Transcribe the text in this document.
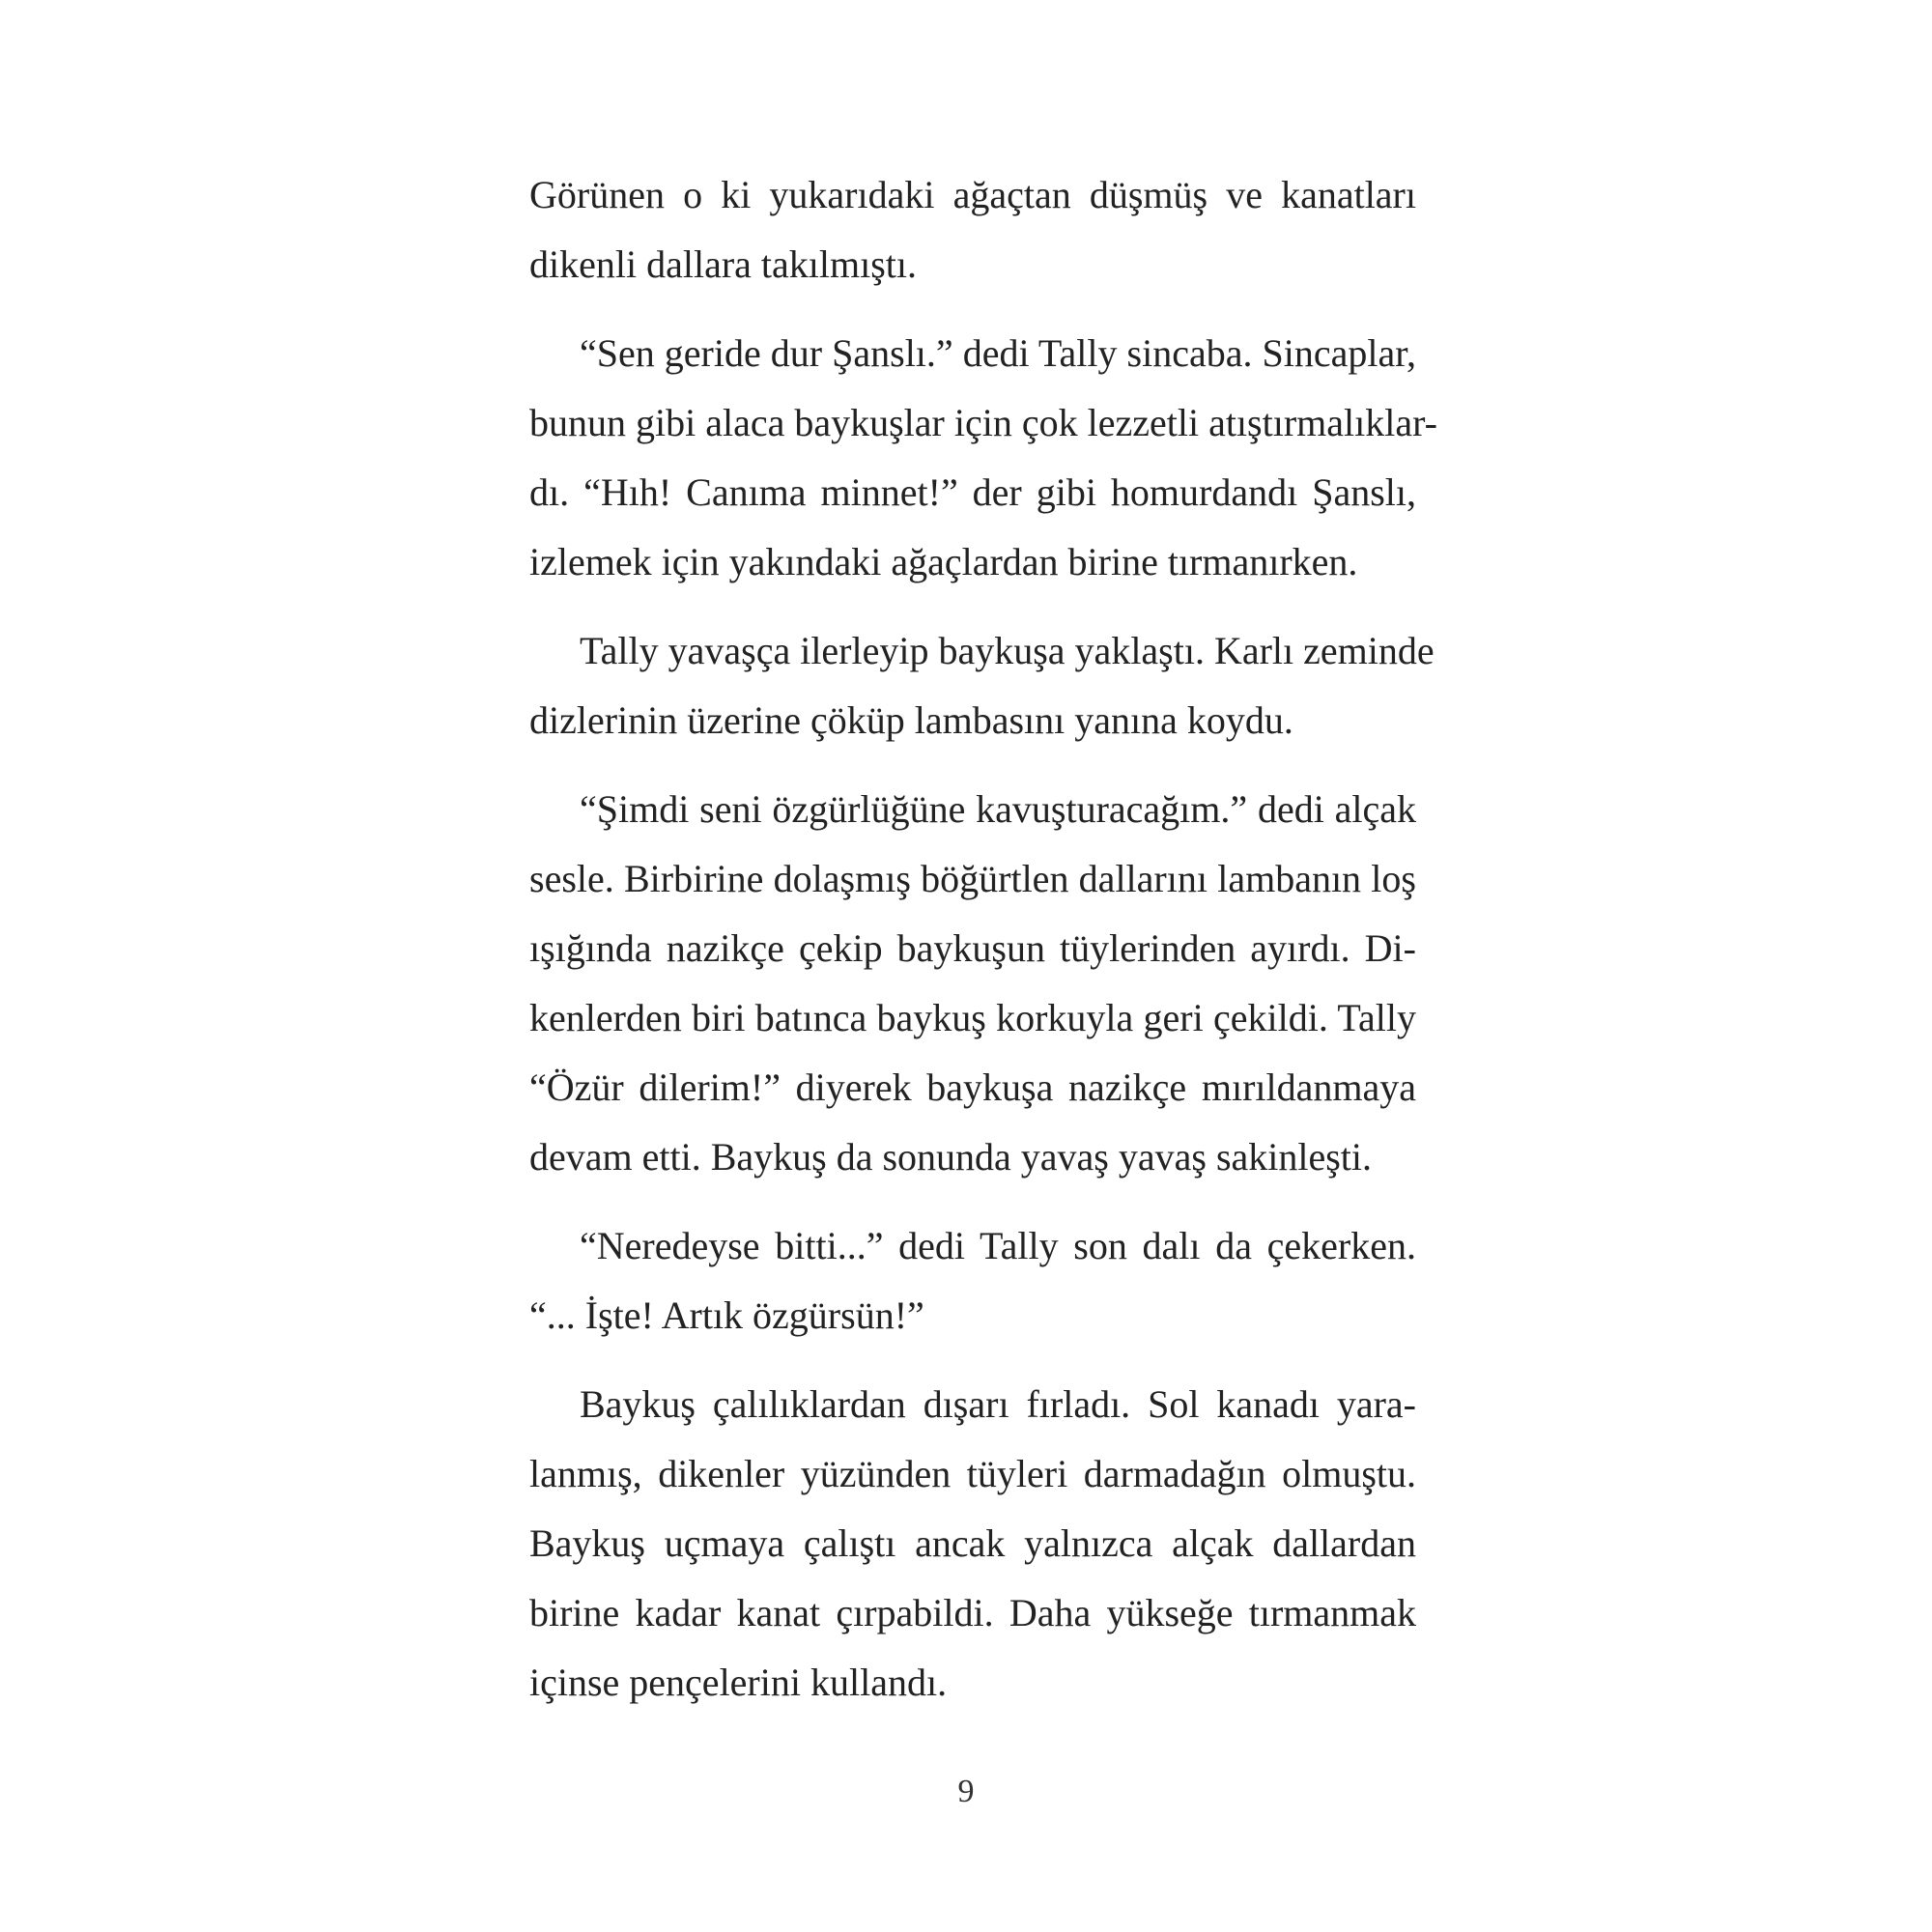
Görünen o ki yukarıdaki ağaçtan düşmüş ve kanatları
dikenli dallara takılmıştı.

“Sen geride dur Şanslı.” dedi Tally sincaba. Sincaplar,
bunun gibi alaca baykuşlar için çok lezzetli atıştırmalıklar-
dı. “Hıh! Canıma minnet!” der gibi homurdandı Şanslı,
izlemek için yakındaki ağaçlardan birine tırmanırken.

Tally yavaşça ilerleyip baykuşa yaklaştı. Karlı zeminde
dizlerinin üzerine çöküp lambasını yanına koydu.

“Şimdi seni özgürlüğüne kavuşturacağım.” dedi alçak
sesle. Birbirine dolaşmış böğürtlen dallarını lambanın loş
ışığında nazikçe çekip baykuşun tüylerinden ayırdı. Di-
kenlerden biri batınca baykuş korkuyla geri çekildi. Tally
“Özür dilerim!” diyerek baykuşa nazikçe mırıldanmaya
devam etti. Baykuş da sonunda yavaş yavaş sakinleşti.

“Neredeyse bitti...” dedi Tally son dalı da çekerken.
“... İşte! Artık özgürsün!”

Baykuş çalılıklardan dışarı fırladı. Sol kanadı yara-
lanmış, dikenler yüzünden tüyleri darmadağın olmuştu.
Baykuş uçmaya çalıştı ancak yalnızca alçak dallardan
birine kadar kanat çırpabildi. Daha yükseğe tırmanmak
içinse pençelerini kullandı.

9
